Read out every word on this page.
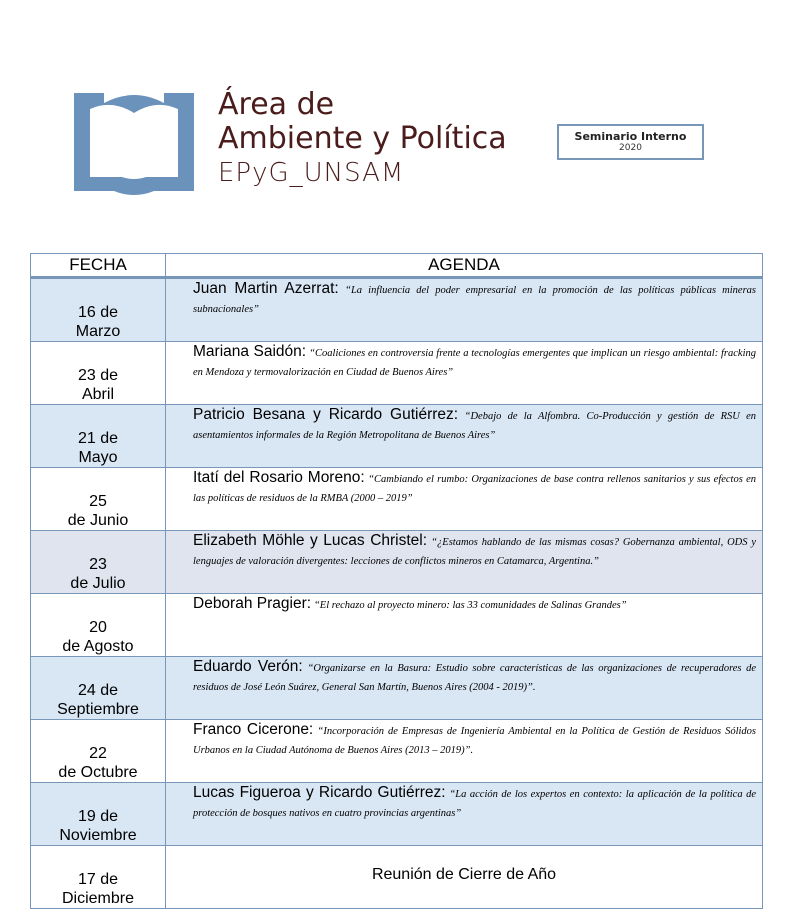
Área de
Ambiente y Política
EPyG_UNSAM
Seminario Interno
2020
FECHA	AGENDA
16 de
Marzo	Juan Martin Azerrat: “La influencia del poder empresarial en la promoción de las políticas públicas mineras subnacionales”
23 de
Abril	Mariana Saidón: “Coaliciones en controversia frente a tecnologías emergentes que implican un riesgo ambiental: fracking en Mendoza y termovalorización en Ciudad de Buenos Aires”
21 de
Mayo	Patricio Besana y Ricardo Gutiérrez: “Debajo de la Alfombra. Co-Producción y gestión de RSU en asentamientos informales de la Región Metropolitana de Buenos Aires”
25
de Junio	Itatí del Rosario Moreno: “Cambiando el rumbo: Organizaciones de base contra rellenos sanitarios y sus efectos en las políticas de residuos de la RMBA (2000 – 2019”
23
de Julio	Elizabeth Möhle y Lucas Christel: “¿Estamos hablando de las mismas cosas? Gobernanza ambiental, ODS y lenguajes de valoración divergentes: lecciones de conflictos mineros en Catamarca, Argentina.”
20
de Agosto	Deborah Pragier: “El rechazo al proyecto minero: las 33 comunidades de Salinas Grandes”
24 de
Septiembre	Eduardo Verón: “Organizarse en la Basura: Estudio sobre características de las organizaciones de recuperadores de residuos de José León Suárez, General San Martín, Buenos Aires (2004 - 2019)”.
22
de Octubre	Franco Cicerone: “Incorporación de Empresas de Ingeniería Ambiental en la Política de Gestión de Residuos Sólidos Urbanos en la Ciudad Autónoma de Buenos Aires (2013 – 2019)”.
19 de
Noviembre	Lucas Figueroa y Ricardo Gutiérrez: “La acción de los expertos en contexto: la aplicación de la política de protección de bosques nativos en cuatro provincias argentinas”
17 de
Diciembre	Reunión de Cierre de Año
